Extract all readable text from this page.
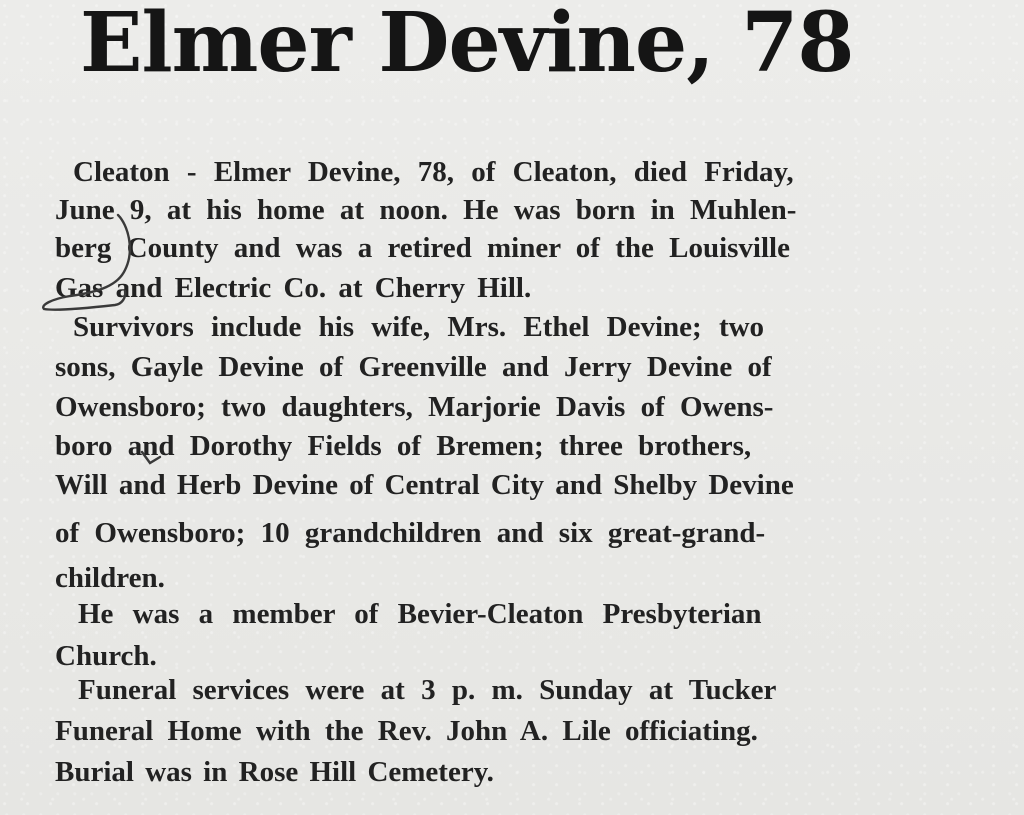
Elmer Devine, 78
Cleaton - Elmer Devine, 78, of Cleaton, died Friday,
June 9, at his home at noon. He was born in Muhlen-
berg County and was a retired miner of the Louisville
Gas and Electric Co. at Cherry Hill.
Survivors include his wife, Mrs. Ethel Devine; two
sons, Gayle Devine of Greenville and Jerry Devine of
Owensboro; two daughters, Marjorie Davis of Owens-
boro and Dorothy Fields of Bremen; three brothers,
Will and Herb Devine of Central City and Shelby Devine
of Owensboro; 10 grandchildren and six great-grand-
children.
He was a member of Bevier-Cleaton Presbyterian
Church.
Funeral services were at 3 p. m. Sunday at Tucker
Funeral Home with the Rev. John A. Lile officiating.
Burial was in Rose Hill Cemetery.
